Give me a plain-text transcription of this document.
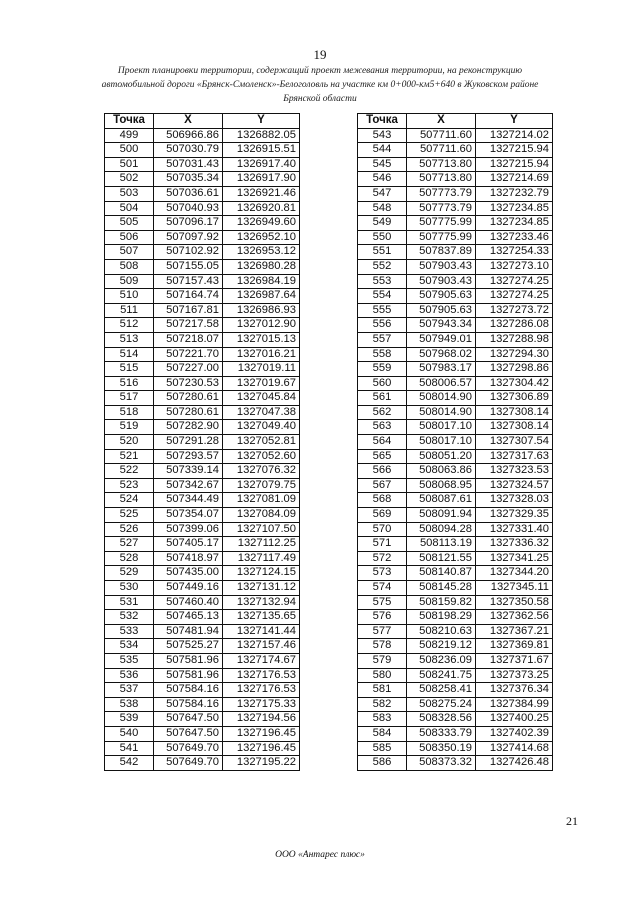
19
Проект планировки территории, содержащий проект межевания территории, на реконструкцию автомобильной дороги «Брянск-Смоленск»-Белоголовль на участке км 0+000-км5+640 в Жуковском районе Брянской области
Точка	X	Y
499	506966.86	1326882.05
500	507030.79	1326915.51
501	507031.43	1326917.40
502	507035.34	1326917.90
503	507036.61	1326921.46
504	507040.93	1326920.81
505	507096.17	1326949.60
506	507097.92	1326952.10
507	507102.92	1326953.12
508	507155.05	1326980.28
509	507157.43	1326984.19
510	507164.74	1326987.64
511	507167.81	1326986.93
512	507217.58	1327012.90
513	507218.07	1327015.13
514	507221.70	1327016.21
515	507227.00	1327019.11
516	507230.53	1327019.67
517	507280.61	1327045.84
518	507280.61	1327047.38
519	507282.90	1327049.40
520	507291.28	1327052.81
521	507293.57	1327052.60
522	507339.14	1327076.32
523	507342.67	1327079.75
524	507344.49	1327081.09
525	507354.07	1327084.09
526	507399.06	1327107.50
527	507405.17	1327112.25
528	507418.97	1327117.49
529	507435.00	1327124.15
530	507449.16	1327131.12
531	507460.40	1327132.94
532	507465.13	1327135.65
533	507481.94	1327141.44
534	507525.27	1327157.46
535	507581.96	1327174.67
536	507581.96	1327176.53
537	507584.16	1327176.53
538	507584.16	1327175.33
539	507647.50	1327194.56
540	507647.50	1327196.45
541	507649.70	1327196.45
542	507649.70	1327195.22
Точка	X	Y
543	507711.60	1327214.02
544	507711.60	1327215.94
545	507713.80	1327215.94
546	507713.80	1327214.69
547	507773.79	1327232.79
548	507773.79	1327234.85
549	507775.99	1327234.85
550	507775.99	1327233.46
551	507837.89	1327254.33
552	507903.43	1327273.10
553	507903.43	1327274.25
554	507905.63	1327274.25
555	507905.63	1327273.72
556	507943.34	1327286.08
557	507949.01	1327288.98
558	507968.02	1327294.30
559	507983.17	1327298.86
560	508006.57	1327304.42
561	508014.90	1327306.89
562	508014.90	1327308.14
563	508017.10	1327308.14
564	508017.10	1327307.54
565	508051.20	1327317.63
566	508063.86	1327323.53
567	508068.95	1327324.57
568	508087.61	1327328.03
569	508091.94	1327329.35
570	508094.28	1327331.40
571	508113.19	1327336.32
572	508121.55	1327341.25
573	508140.87	1327344.20
574	508145.28	1327345.11
575	508159.82	1327350.58
576	508198.29	1327362.56
577	508210.63	1327367.21
578	508219.12	1327369.81
579	508236.09	1327371.67
580	508241.75	1327373.25
581	508258.41	1327376.34
582	508275.24	1327384.99
583	508328.56	1327400.25
584	508333.79	1327402.39
585	508350.19	1327414.68
586	508373.32	1327426.48
21
ООО «Антарес плюс»
